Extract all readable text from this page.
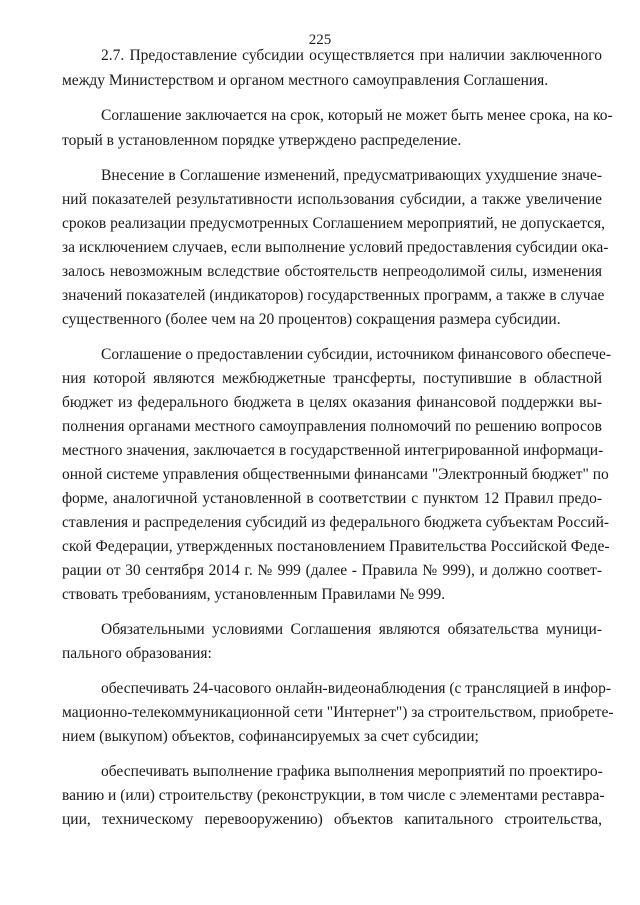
225
2.7. Предоставление субсидии осуществляется при наличии заключенного
между Министерством и органом местного самоуправления Соглашения.
Соглашение заключается на срок, который не может быть менее срока, на ко-
торый в установленном порядке утверждено распределение.
Внесение в Соглашение изменений, предусматривающих ухудшение значе-
ний показателей результативности использования субсидии, а также увеличение
сроков реализации предусмотренных Соглашением мероприятий, не допускается,
за исключением случаев, если выполнение условий предоставления субсидии ока-
залось невозможным вследствие обстоятельств непреодолимой силы, изменения
значений показателей (индикаторов) государственных программ, а также в случае
существенного (более чем на 20 процентов) сокращения размера субсидии.
Соглашение о предоставлении субсидии, источником финансового обеспече-
ния которой являются межбюджетные трансферты, поступившие в областной
бюджет из федерального бюджета в целях оказания финансовой поддержки вы-
полнения органами местного самоуправления полномочий по решению вопросов
местного значения, заключается в государственной интегрированной информаци-
онной системе управления общественными финансами "Электронный бюджет" по
форме, аналогичной установленной в соответствии с пунктом 12 Правил предо-
ставления и распределения субсидий из федерального бюджета субъектам Россий-
ской Федерации, утвержденных постановлением Правительства Российской Феде-
рации от 30 сентября 2014 г. № 999 (далее - Правила № 999), и должно соответ-
ствовать требованиям, установленным Правилами № 999.
Обязательными условиями Соглашения являются обязательства муници-
пального образования:
обеспечивать 24-часового онлайн-видеонаблюдения (с трансляцией в инфор-
мационно-телекоммуникационной сети "Интернет") за строительством, приобрете-
нием (выкупом) объектов, софинансируемых за счет субсидии;
обеспечивать выполнение графика выполнения мероприятий по проектиро-
ванию и (или) строительству (реконструкции, в том числе с элементами реставра-
ции, техническому перевооружению) объектов капитального строительства,
